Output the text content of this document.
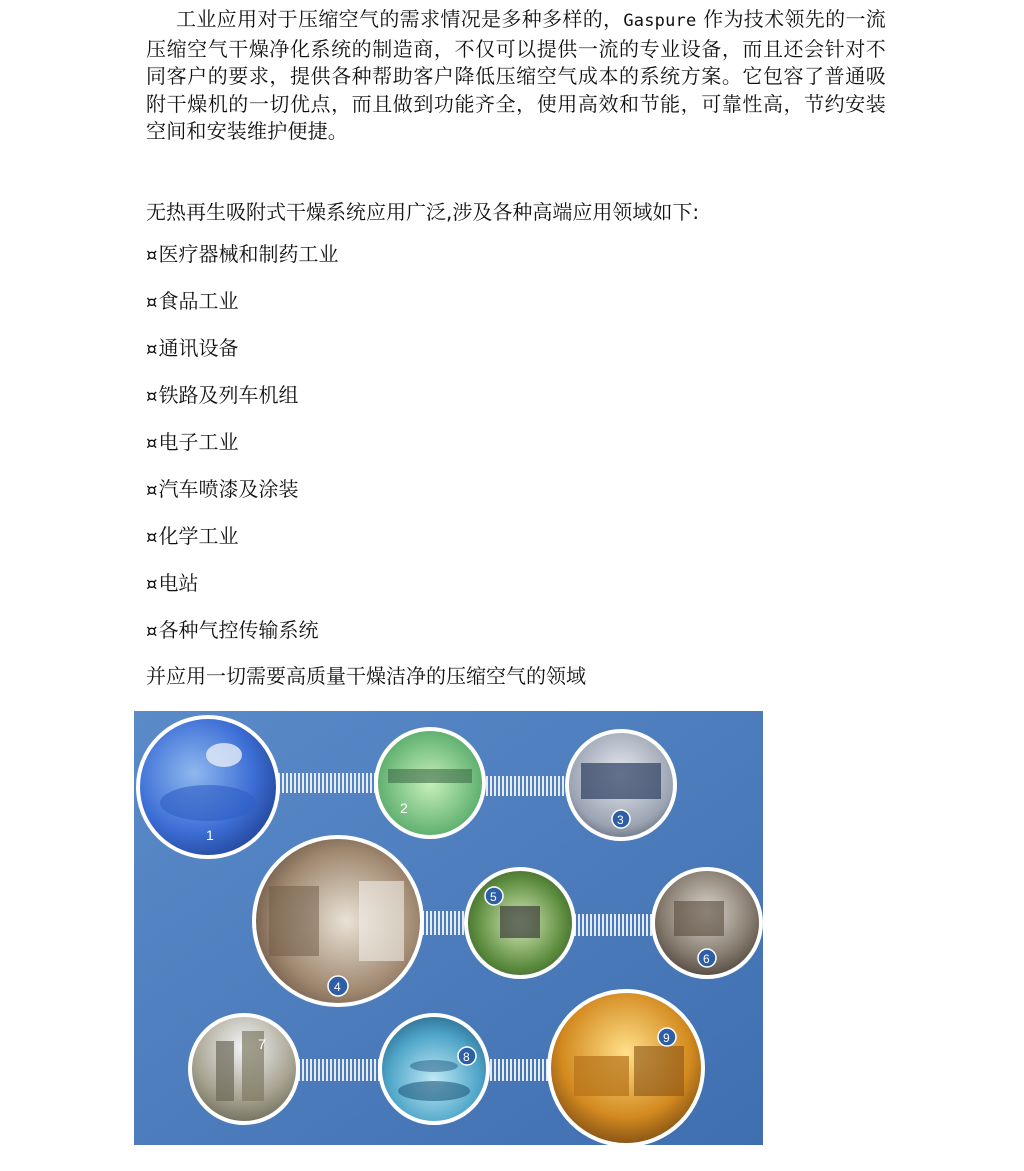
工业应用对于压缩空气的需求情况是多种多样的，Gaspure 作为技术领先的一流压缩空气干燥净化系统的制造商，不仅可以提供一流的专业设备，而且还会针对不同客户的要求，提供各种帮助客户降低压缩空气成本的系统方案。它包容了普通吸附干燥机的一切优点，而且做到功能齐全，使用高效和节能，可靠性高，节约安装空间和安装维护便捷。

无热再生吸附式干燥系统应用广泛,涉及各种高端应用领域如下:

¤医疗器械和制药工业
¤食品工业
¤通讯设备
¤铁路及列车机组
¤电子工业
¤汽车喷漆及涂装
¤化学工业
¤电站
¤各种气控传输系统

并应用一切需要高质量干燥洁净的压缩空气的领域

1
2
3
4
5
6
7
8
9
